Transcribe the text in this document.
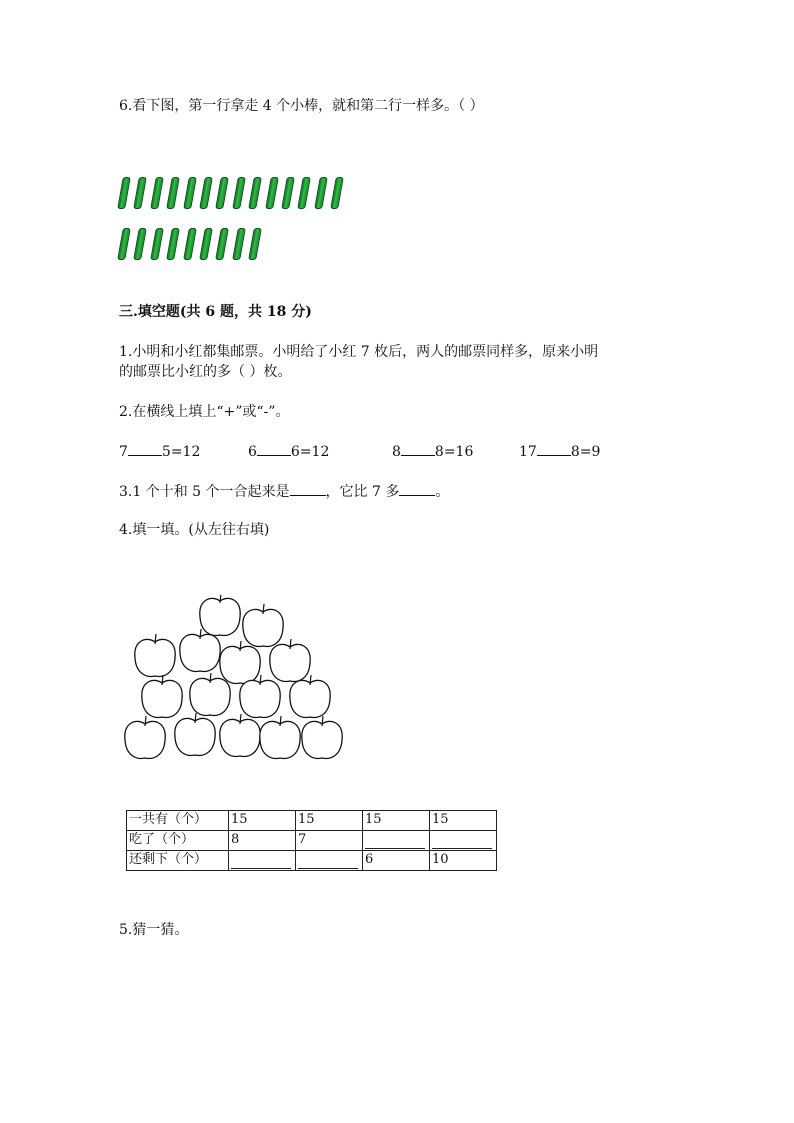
6.看下图，第一行拿走 4 个小棒，就和第二行一样多。（ ）
三.填空题(共 6 题，共 18 分)
1.小明和小红都集邮票。小明给了小红 7 枚后，两人的邮票同样多，原来小明
的邮票比小红的多（ ）枚。
2.在横线上填上“+”或“-”。
7 5=12	6 6=12	8 8=16	17 8=9
3.1 个十和 5 个一合起来是	，它比 7 多	。
4.填一填。(从左往右填)
一共有（个）	15	15	15	15
吃了（个）	8	7	

还剩下（个）			6	10
5.猜一猜。
